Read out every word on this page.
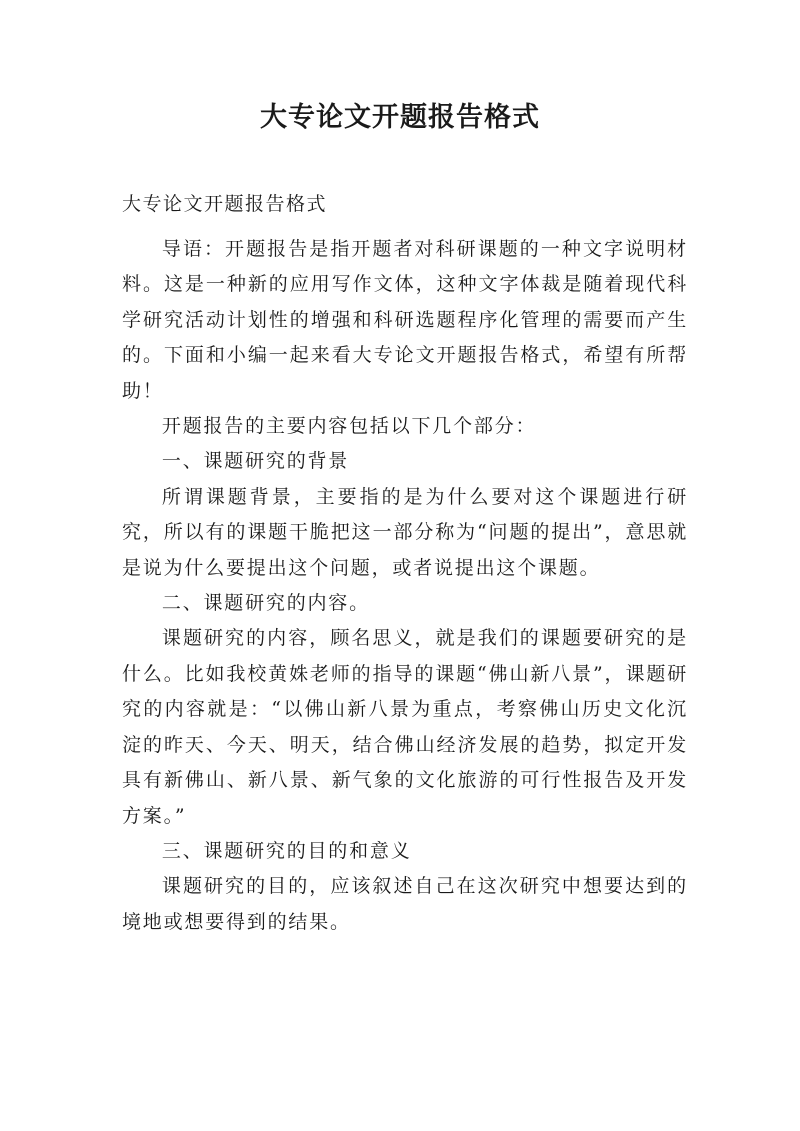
大专论文开题报告格式

大专论文开题报告格式

导语：开题报告是指开题者对科研课题的一种文字说明材料。这是一种新的应用写作文体，这种文字体裁是随着现代科学研究活动计划性的增强和科研选题程序化管理的需要而产生的。下面和小编一起来看大专论文开题报告格式，希望有所帮助！

开题报告的主要内容包括以下几个部分：

一、课题研究的背景

所谓课题背景，主要指的是为什么要对这个课题进行研究，所以有的课题干脆把这一部分称为“问题的提出”，意思就是说为什么要提出这个问题，或者说提出这个课题。

二、课题研究的内容。

课题研究的内容，顾名思义，就是我们的课题要研究的是什么。比如我校黄姝老师的指导的课题“佛山新八景”，课题研究的内容就是：“以佛山新八景为重点，考察佛山历史文化沉淀的昨天、今天、明天，结合佛山经济发展的趋势，拟定开发具有新佛山、新八景、新气象的文化旅游的可行性报告及开发方案。”

三、课题研究的目的和意义

课题研究的目的，应该叙述自己在这次研究中想要达到的境地或想要得到的结果。
